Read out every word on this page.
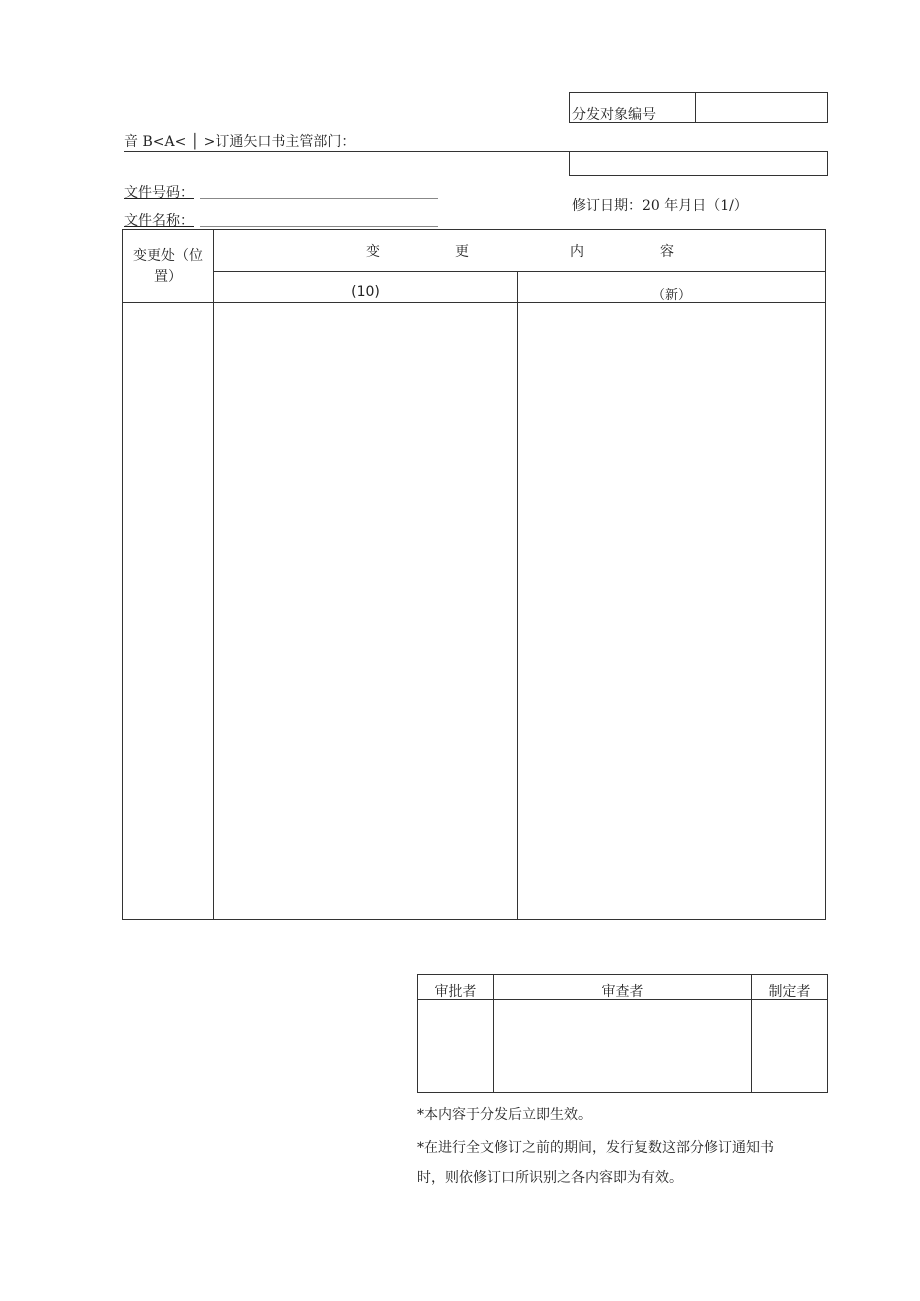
分发对象编号
音 B<A< │ >订通矢口书主管部门：
文件号码：
文件名称：
修订日期：20 年月日（1/）
变更处（位置）
变	更	内	容
(10)	（新）
审批者	审查者	制定者
*本内容于分发后立即生效。
*在进行全文修订之前的期间，发行复数这部分修订通知书
时，则依修订口所识别之各内容即为有效。
